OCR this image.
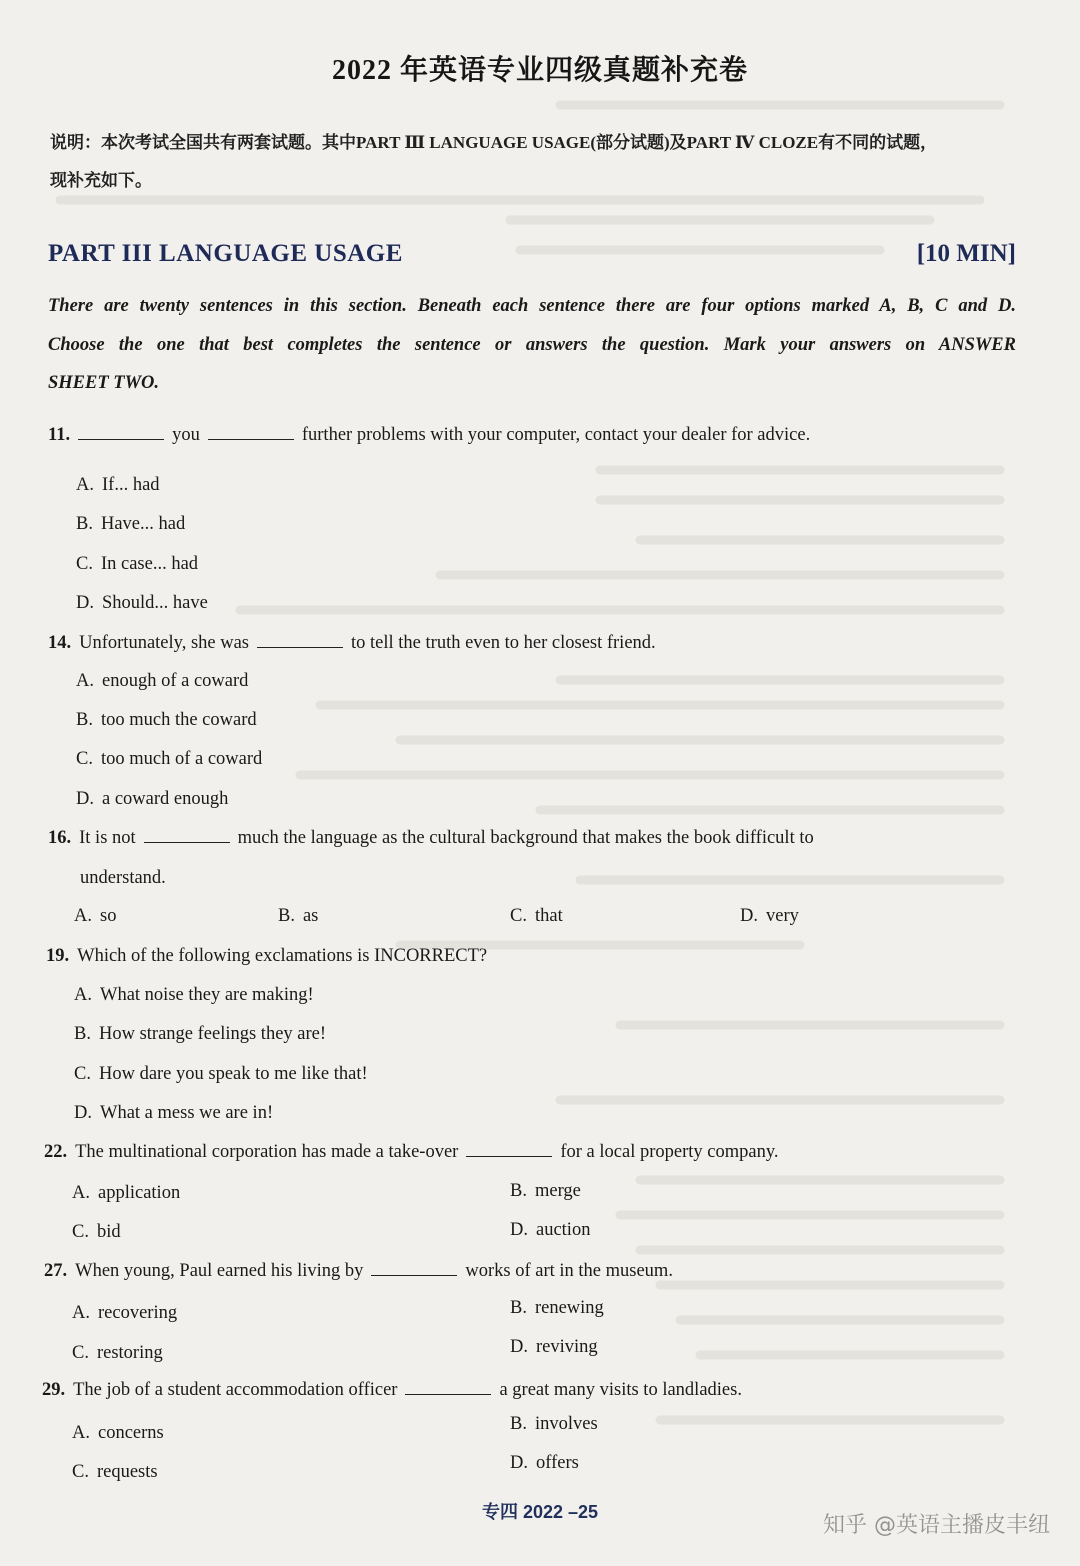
2022 年英语专业四级真题补充卷
说明：本次考试全国共有两套试题。其中PART Ⅲ LANGUAGE USAGE(部分试题)及PART Ⅳ CLOZE有不同的试题，
现补充如下。
PART III LANGUAGE USAGE	[10 MIN]
There are twenty sentences in this section. Beneath each sentence there are four options marked A, B, C and D.
Choose the one that best completes the sentence or answers the question. Mark your answers on ANSWER
SHEET TWO.
11.	you	further problems with your computer, contact your dealer for advice.
A. If... had
B. Have... had
C. In case... had
D. Should... have
14. Unfortunately, she was	to tell the truth even to her closest friend.
A. enough of a coward
B. too much the coward
C. too much of a coward
D. a coward enough
16. It is not	much the language as the cultural background that makes the book difficult to
understand.
A. so	B. as	C. that	D. very
19. Which of the following exclamations is INCORRECT?
A. What noise they are making!
B. How strange feelings they are!
C. How dare you speak to me like that!
D. What a mess we are in!
22. The multinational corporation has made a take-over	for a local property company.
A. application	B. merge
C. bid	D. auction
27. When young, Paul earned his living by	works of art in the museum.
A. recovering	B. renewing
C. restoring	D. reviving
29. The job of a student accommodation officer	a great many visits to landladies.
A. concerns	B. involves
C. requests	D. offers
专四 2022 –25
知乎 @英语主播皮丰纽
